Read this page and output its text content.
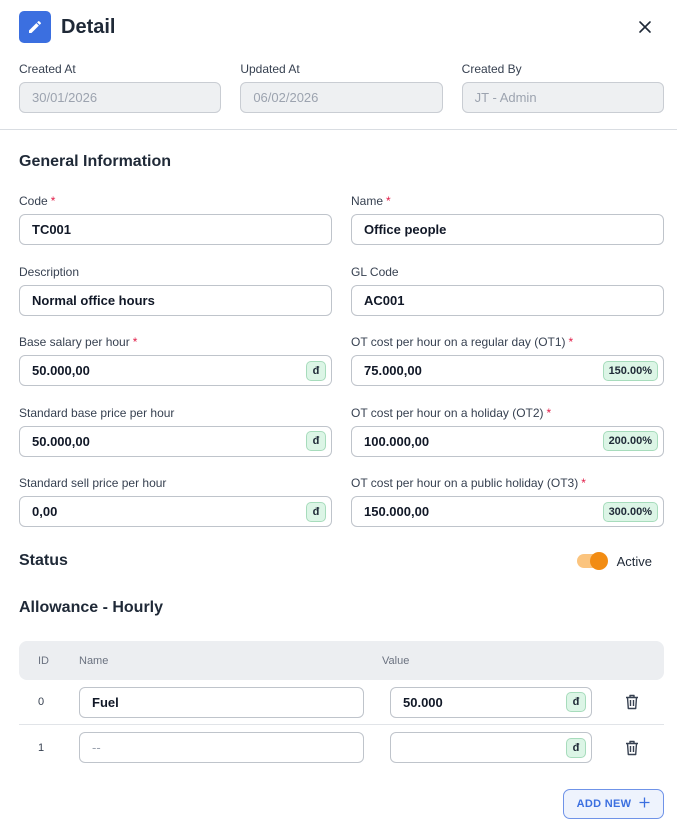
Detail
Created At
30/01/2026
Updated At
06/02/2026
Created By
JT - Admin
General Information
Code *
TC001
Name *
Office people
Description
Normal office hours
GL Code
AC001
Base salary per hour *
50.000,00	đ
OT cost per hour on a regular day (OT1) *
75.000,00	150.00%
Standard base price per hour
50.000,00	đ
OT cost per hour on a holiday (OT2) *
100.000,00	200.00%
Standard sell price per hour
0,00	đ
OT cost per hour on a public holiday (OT3) *
150.000,00	300.00%
Status	Active
Allowance - Hourly
ID	Name	Value
0	Fuel	50.000	đ
1	--	đ
ADD NEW
